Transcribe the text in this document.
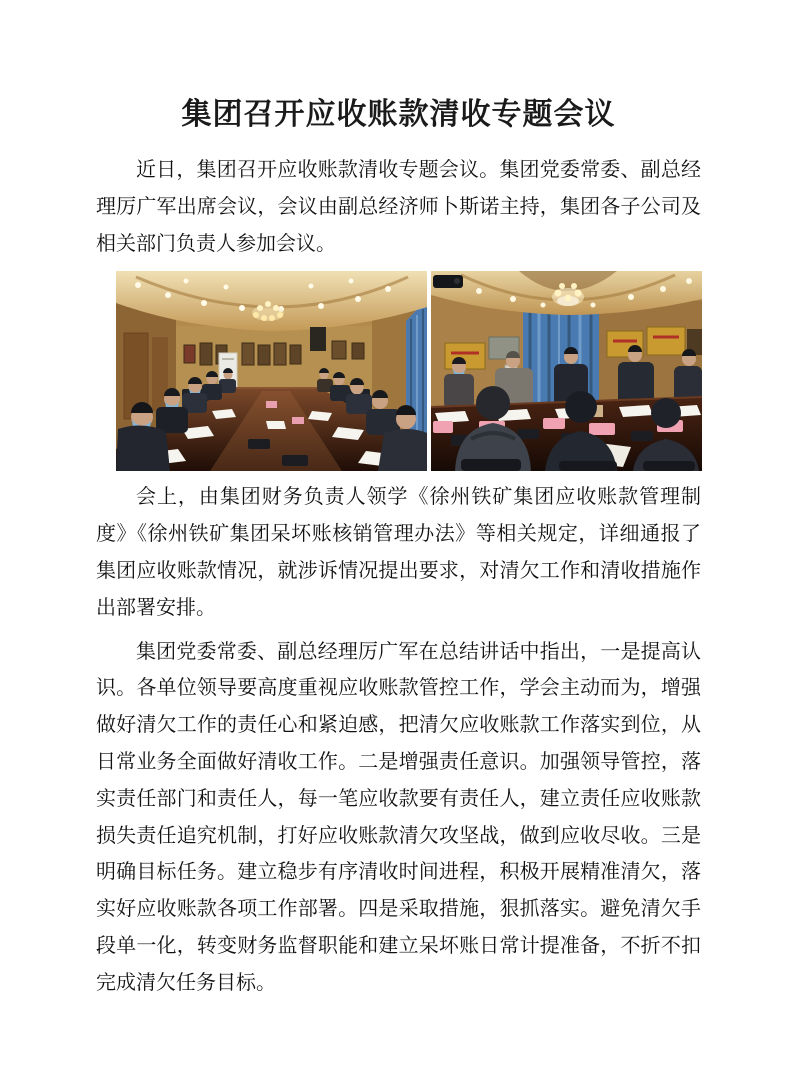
集团召开应收账款清收专题会议

近日，集团召开应收账款清收专题会议。集团党委常委、副总经理厉广军出席会议，会议由副总经济师卜斯诺主持，集团各子公司及相关部门负责人参加会议。

会上，由集团财务负责人领学《徐州铁矿集团应收账款管理制度》《徐州铁矿集团呆坏账核销管理办法》等相关规定，详细通报了集团应收账款情况，就涉诉情况提出要求，对清欠工作和清收措施作出部署安排。

集团党委常委、副总经理厉广军在总结讲话中指出，一是提高认识。各单位领导要高度重视应收账款管控工作，学会主动而为，增强做好清欠工作的责任心和紧迫感，把清欠应收账款工作落实到位，从日常业务全面做好清收工作。二是增强责任意识。加强领导管控，落实责任部门和责任人，每一笔应收款要有责任人，建立责任应收账款损失责任追究机制，打好应收账款清欠攻坚战，做到应收尽收。三是明确目标任务。建立稳步有序清收时间进程，积极开展精准清欠，落实好应收账款各项工作部署。四是采取措施，狠抓落实。避免清欠手段单一化，转变财务监督职能和建立呆坏账日常计提准备，不折不扣完成清欠任务目标。
